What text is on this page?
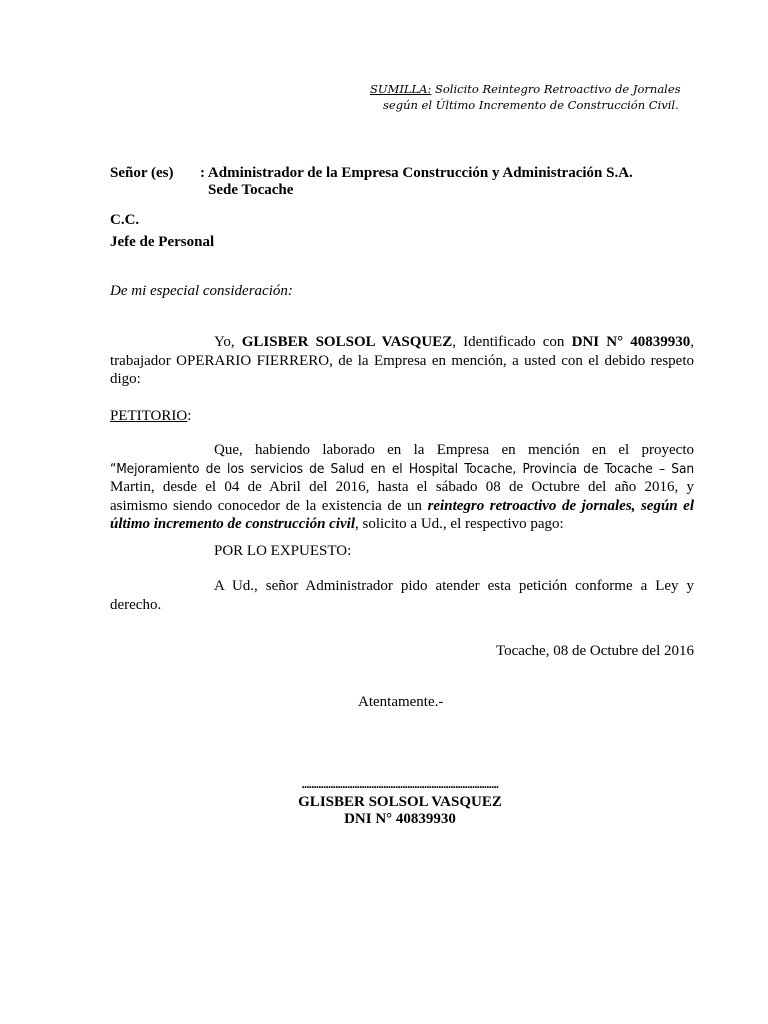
SUMILLA: Solicito Reintegro Retroactivo de Jornales
según el Último Incremento de Construcción Civil.
Señor (es) : Administrador de la Empresa Construcción y Administración S.A.
Sede Tocache
C.C.
Jefe de Personal
De mi especial consideración:
Yo, GLISBER SOLSOL VASQUEZ, Identificado con DNI N° 40839930,
trabajador OPERARIO FIERRERO, de la Empresa en mención, a usted con el debido respeto
digo:
PETITORIO:
Que, habiendo laborado en la Empresa en mención en el proyecto
“Mejoramiento de los servicios de Salud en el Hospital Tocache, Provincia de Tocache – San
Martin, desde el 04 de Abril del 2016, hasta el sábado 08 de Octubre del año 2016, y
asimismo siendo conocedor de la existencia de un reintegro retroactivo de jornales, según el
último incremento de construcción civil, solicito a Ud., el respectivo pago:
POR LO EXPUESTO:
A Ud., señor Administrador pido atender esta petición conforme a Ley y
derecho.
Tocache, 08 de Octubre del 2016
Atentamente.-
..................................................................................
GLISBER SOLSOL VASQUEZ
DNI N° 40839930
